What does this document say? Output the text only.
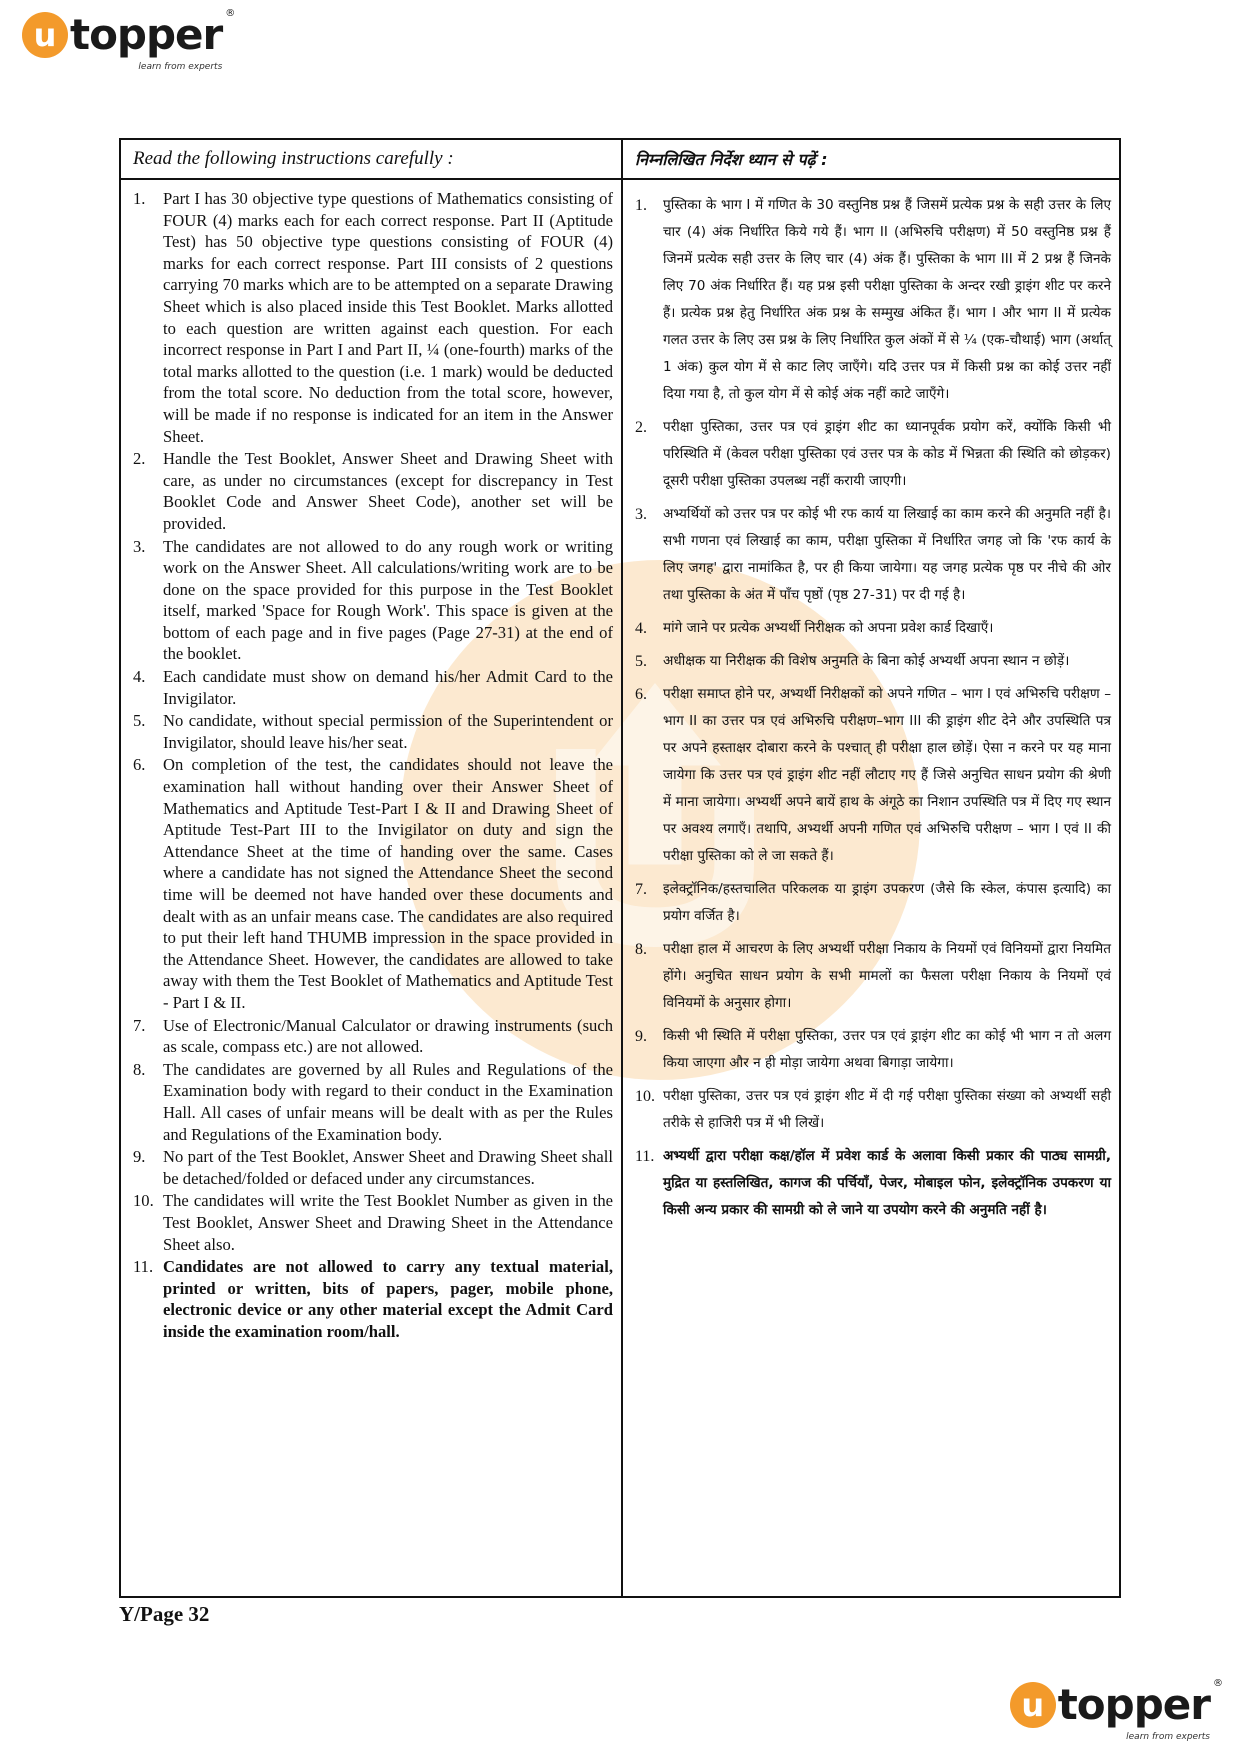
u topper ®
learn from experts
Read the following instructions carefully :
1.	Part I has 30 objective type questions of Mathematics consisting of FOUR (4) marks each for each correct response. Part II (Aptitude Test) has 50 objective type questions consisting of FOUR (4) marks for each correct response. Part III consists of 2 questions carrying 70 marks which are to be attempted on a separate Drawing Sheet which is also placed inside this Test Booklet. Marks allotted to each question are written against each question. For each incorrect response in Part I and Part II, ¼ (one-fourth) marks of the total marks allotted to the question (i.e. 1 mark) would be deducted from the total score. No deduction from the total score, however, will be made if no response is indicated for an item in the Answer Sheet.
2.	Handle the Test Booklet, Answer Sheet and Drawing Sheet with care, as under no circumstances (except for discrepancy in Test Booklet Code and Answer Sheet Code), another set will be provided.
3.	The candidates are not allowed to do any rough work or writing work on the Answer Sheet. All calculations/writing work are to be done on the space provided for this purpose in the Test Booklet itself, marked 'Space for Rough Work'. This space is given at the bottom of each page and in five pages (Page 27-31) at the end of the booklet.
4.	Each candidate must show on demand his/her Admit Card to the Invigilator.
5.	No candidate, without special permission of the Superintendent or Invigilator, should leave his/her seat.
6.	On completion of the test, the candidates should not leave the examination hall without handing over their Answer Sheet of Mathematics and Aptitude Test-Part I & II and Drawing Sheet of Aptitude Test-Part III to the Invigilator on duty and sign the Attendance Sheet at the time of handing over the same. Cases where a candidate has not signed the Attendance Sheet the second time will be deemed not have handed over these documents and dealt with as an unfair means case. The candidates are also required to put their left hand THUMB impression in the space provided in the Attendance Sheet. However, the candidates are allowed to take away with them the Test Booklet of Mathematics and Aptitude Test - Part I & II.
7.	Use of Electronic/Manual Calculator or drawing instruments (such as scale, compass etc.) are not allowed.
8.	The candidates are governed by all Rules and Regulations of the Examination body with regard to their conduct in the Examination Hall. All cases of unfair means will be dealt with as per the Rules and Regulations of the Examination body.
9.	No part of the Test Booklet, Answer Sheet and Drawing Sheet shall be detached/folded or defaced under any circumstances.
10. The candidates will write the Test Booklet Number as given in the Test Booklet, Answer Sheet and Drawing Sheet in the Attendance Sheet also.
11. Candidates are not allowed to carry any textual material, printed or written, bits of papers, pager, mobile phone, electronic device or any other material except the Admit Card inside the examination room/hall.
निम्नलिखित निर्देश ध्यान से पढ़ें :
1.	पुस्तिका के भाग I में गणित के 30 वस्तुनिष्ठ प्रश्न हैं जिसमें प्रत्येक प्रश्न के सही उत्तर के लिए चार (4) अंक निर्धारित किये गये हैं। भाग II (अभिरुचि परीक्षण) में 50 वस्तुनिष्ठ प्रश्न हैं जिनमें प्रत्येक सही उत्तर के लिए चार (4) अंक हैं। पुस्तिका के भाग III में 2 प्रश्न हैं जिनके लिए 70 अंक निर्धारित हैं। यह प्रश्न इसी परीक्षा पुस्तिका के अन्दर रखी ड्राइंग शीट पर करने हैं। प्रत्येक प्रश्न हेतु निर्धारित अंक प्रश्न के सम्मुख अंकित हैं। भाग I और भाग II में प्रत्येक गलत उत्तर के लिए उस प्रश्न के लिए निर्धारित कुल अंकों में से ¼ (एक-चौथाई) भाग (अर्थात् 1 अंक) कुल योग में से काट लिए जाएँगे। यदि उत्तर पत्र में किसी प्रश्न का कोई उत्तर नहीं दिया गया है, तो कुल योग में से कोई अंक नहीं काटे जाएँगे।
2.	परीक्षा पुस्तिका, उत्तर पत्र एवं ड्राइंग शीट का ध्यानपूर्वक प्रयोग करें, क्योंकि किसी भी परिस्थिति में (केवल परीक्षा पुस्तिका एवं उत्तर पत्र के कोड में भिन्नता की स्थिति को छोड़कर) दूसरी परीक्षा पुस्तिका उपलब्ध नहीं करायी जाएगी।
3.	अभ्यर्थियों को उत्तर पत्र पर कोई भी रफ कार्य या लिखाई का काम करने की अनुमति नहीं है। सभी गणना एवं लिखाई का काम, परीक्षा पुस्तिका में निर्धारित जगह जो कि 'रफ कार्य के लिए जगह' द्वारा नामांकित है, पर ही किया जायेगा। यह जगह प्रत्येक पृष्ठ पर नीचे की ओर तथा पुस्तिका के अंत में पाँच पृष्ठों (पृष्ठ 27-31) पर दी गई है।
4.	मांगे जाने पर प्रत्येक अभ्यर्थी निरीक्षक को अपना प्रवेश कार्ड दिखाएँ।
5.	अधीक्षक या निरीक्षक की विशेष अनुमति के बिना कोई अभ्यर्थी अपना स्थान न छोड़ें।
6.	परीक्षा समाप्त होने पर, अभ्यर्थी निरीक्षकों को अपने गणित – भाग I एवं अभिरुचि परीक्षण – भाग II का उत्तर पत्र एवं अभिरुचि परीक्षण–भाग III की ड्राइंग शीट देने और उपस्थिति पत्र पर अपने हस्ताक्षर दोबारा करने के पश्चात् ही परीक्षा हाल छोड़ें। ऐसा न करने पर यह माना जायेगा कि उत्तर पत्र एवं ड्राइंग शीट नहीं लौटाए गए हैं जिसे अनुचित साधन प्रयोग की श्रेणी में माना जायेगा। अभ्यर्थी अपने बायें हाथ के अंगूठे का निशान उपस्थिति पत्र में दिए गए स्थान पर अवश्य लगाएँ। तथापि, अभ्यर्थी अपनी गणित एवं अभिरुचि परीक्षण – भाग I एवं II की परीक्षा पुस्तिका को ले जा सकते हैं।
7.	इलेक्ट्रॉनिक/हस्तचालित परिकलक या ड्राइंग उपकरण (जैसे कि स्केल, कंपास इत्यादि) का प्रयोग वर्जित है।
8.	परीक्षा हाल में आचरण के लिए अभ्यर्थी परीक्षा निकाय के नियमों एवं विनियमों द्वारा नियमित होंगे। अनुचित साधन प्रयोग के सभी मामलों का फैसला परीक्षा निकाय के नियमों एवं विनियमों के अनुसार होगा।
9.	किसी भी स्थिति में परीक्षा पुस्तिका, उत्तर पत्र एवं ड्राइंग शीट का कोई भी भाग न तो अलग किया जाएगा और न ही मोड़ा जायेगा अथवा बिगाड़ा जायेगा।
10. परीक्षा पुस्तिका, उत्तर पत्र एवं ड्राइंग शीट में दी गई परीक्षा पुस्तिका संख्या को अभ्यर्थी सही तरीके से हाजिरी पत्र में भी लिखें।
11. अभ्यर्थी द्वारा परीक्षा कक्ष/हॉल में प्रवेश कार्ड के अलावा किसी प्रकार की पाठ्य सामग्री, मुद्रित या हस्तलिखित, कागज की पर्चियाँ, पेजर, मोबाइल फोन, इलेक्ट्रॉनिक उपकरण या किसी अन्य प्रकार की सामग्री को ले जाने या उपयोग करने की अनुमति नहीं है।
Y/Page 32
u topper ®
learn from experts
